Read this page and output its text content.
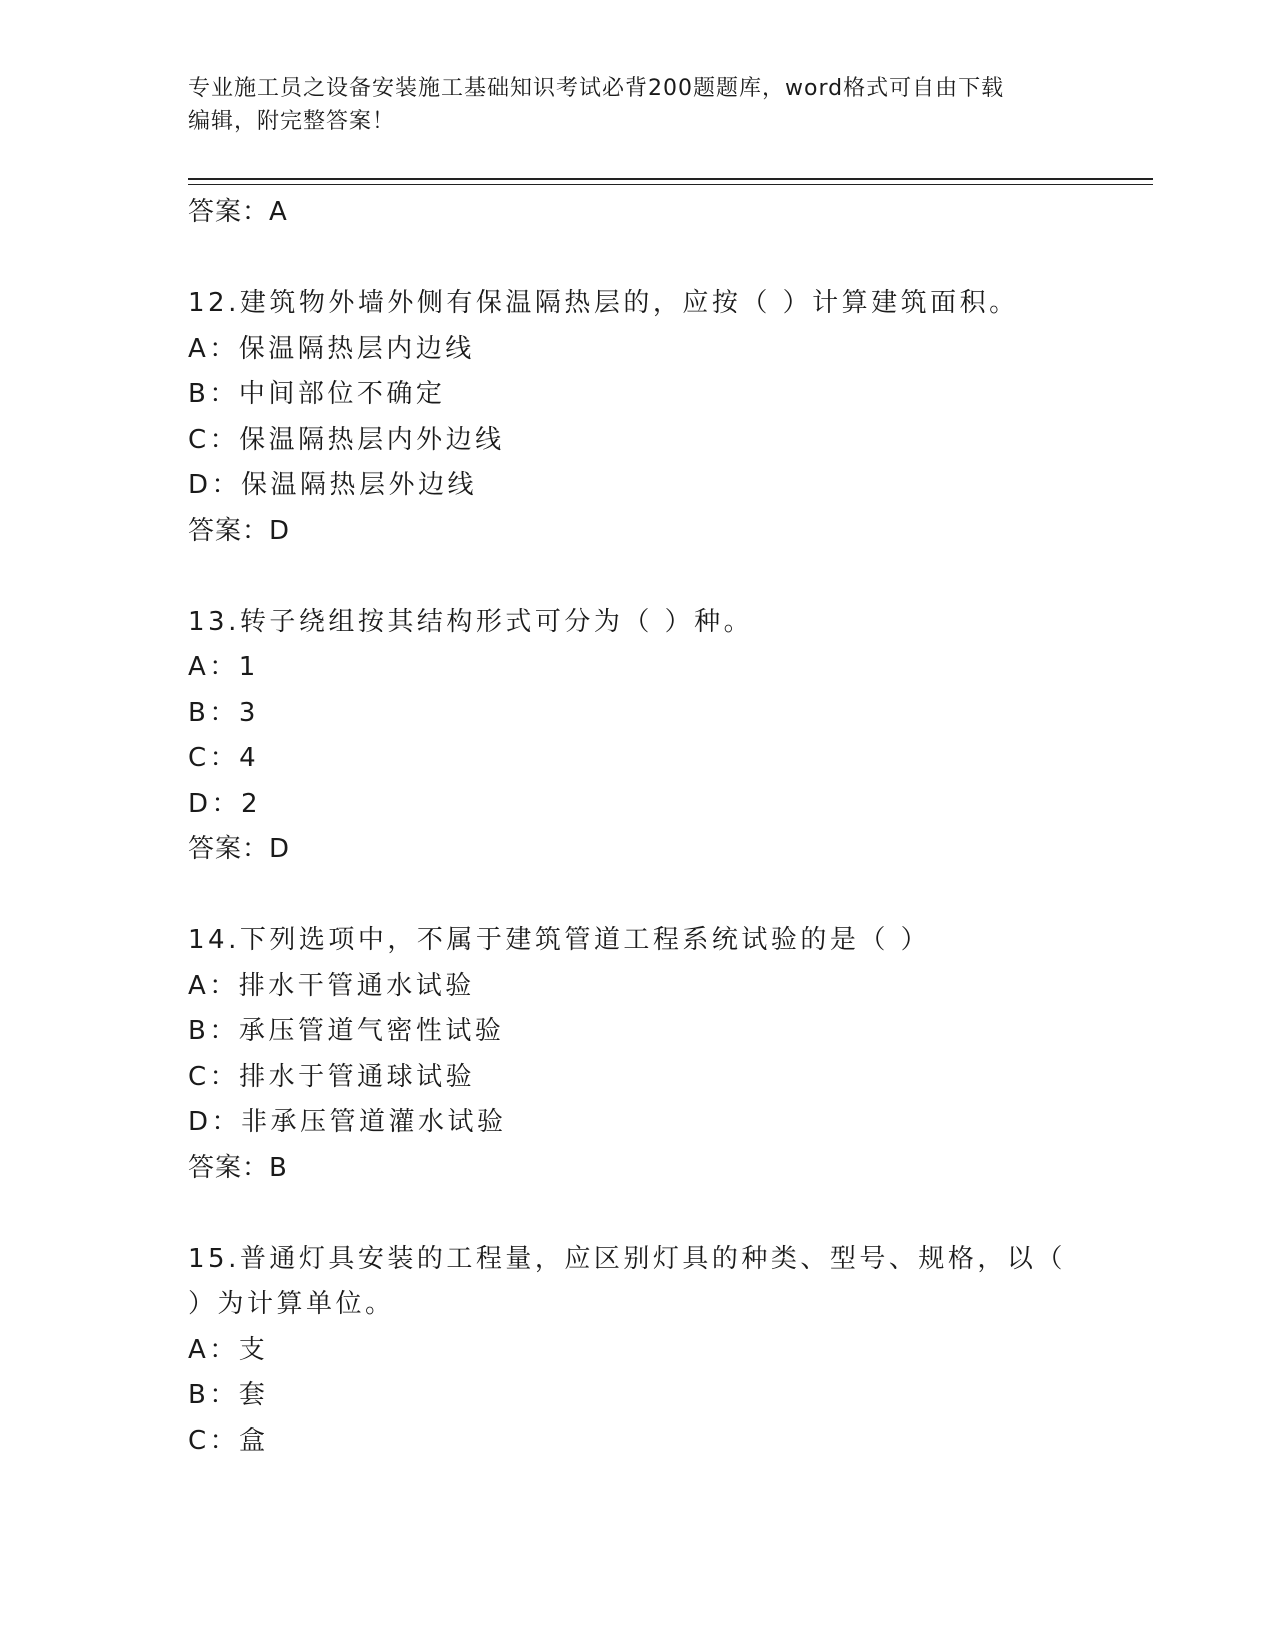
专业施工员之设备安装施工基础知识考试必背200题题库，word格式可自由下载
编辑，附完整答案！
答案：A
12.建筑物外墙外侧有保温隔热层的，应按（ ）计算建筑面积。
A：保温隔热层内边线
B：中间部位不确定
C：保温隔热层内外边线
D：保温隔热层外边线
答案：D
13.转子绕组按其结构形式可分为（ ）种。
A：1
B：3
C：4
D：2
答案：D
14.下列选项中，不属于建筑管道工程系统试验的是（ ）
A：排水干管通水试验
B：承压管道气密性试验
C：排水于管通球试验
D：非承压管道灌水试验
答案：B
15.普通灯具安装的工程量，应区别灯具的种类、型号、规格，以（
）为计算单位。
A：支
B：套
C：盒
